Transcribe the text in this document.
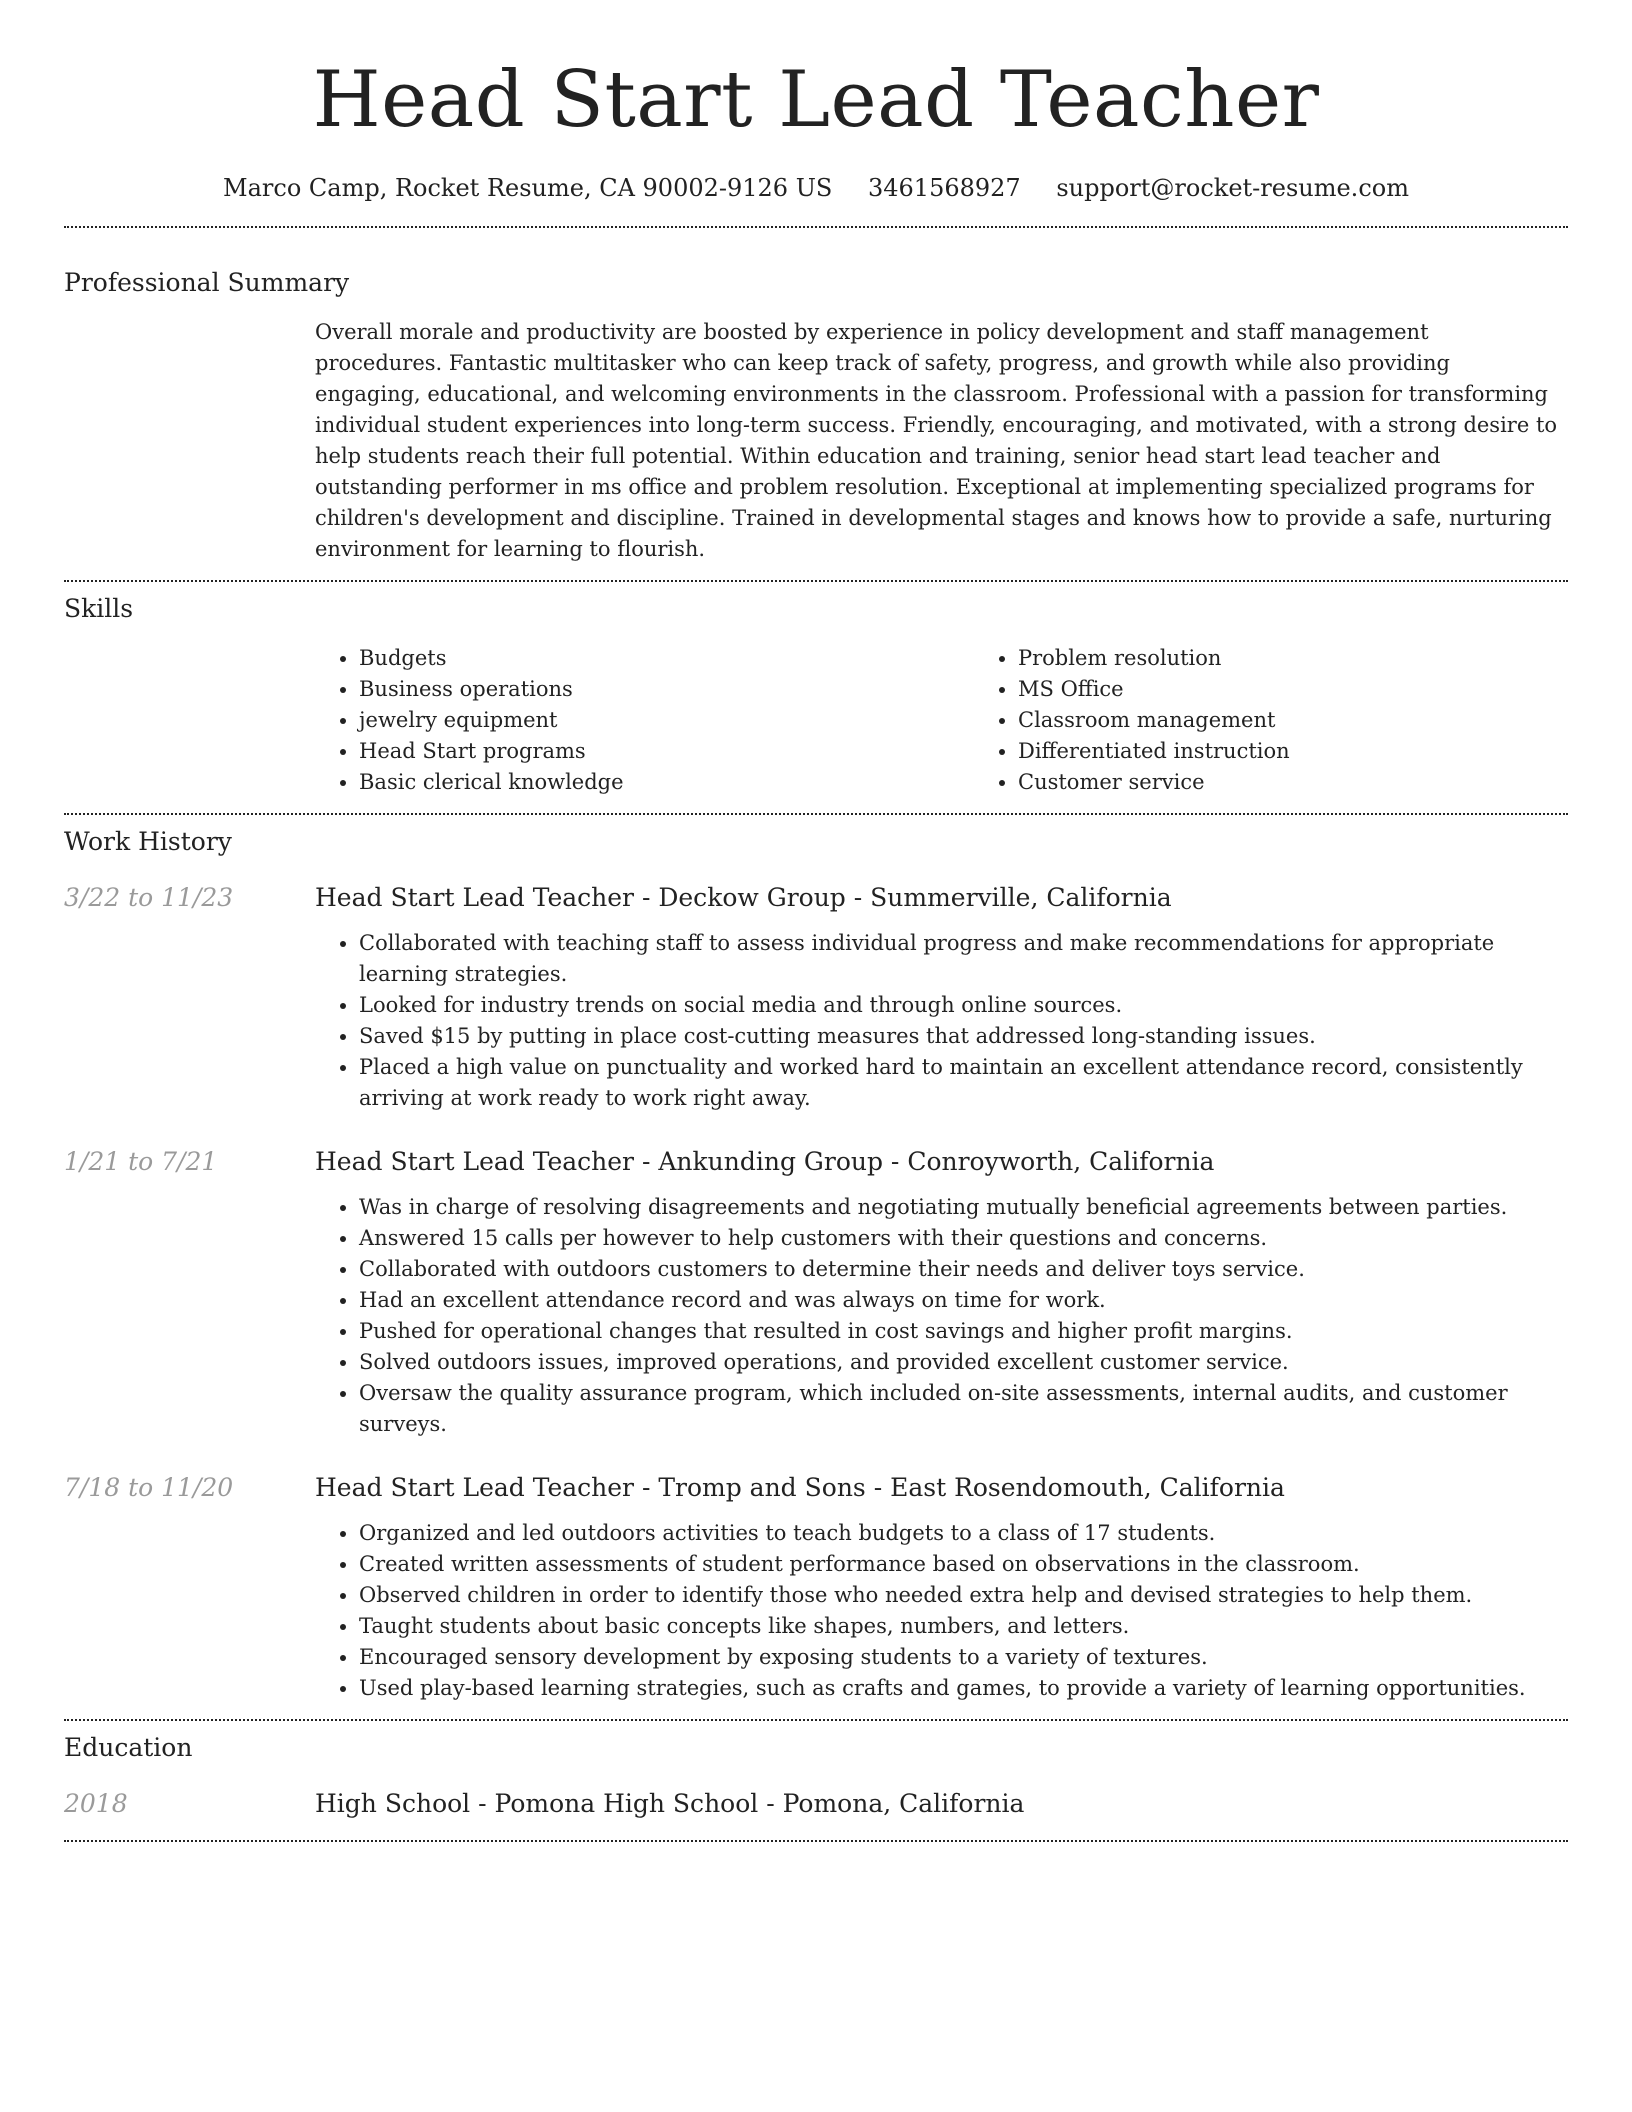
Head Start Lead Teacher
Marco Camp, Rocket Resume, CA 90002-9126 US 3461568927 support@rocket-resume.com
Professional Summary

Overall morale and productivity are boosted by experience in policy development and staff management procedures. Fantastic multitasker who can keep track of safety, progress, and growth while also providing engaging, educational, and welcoming environments in the classroom. Professional with a passion for transforming individual student experiences into long-term success. Friendly, encouraging, and motivated, with a strong desire to help students reach their full potential. Within education and training, senior head start lead teacher and outstanding performer in ms office and problem resolution. Exceptional at implementing specialized programs for children's development and discipline. Trained in developmental stages and knows how to provide a safe, nurturing environment for learning to flourish.

Skills
• Budgets
• Business operations
• jewelry equipment
• Head Start programs
• Basic clerical knowledge
• Problem resolution
• MS Office
• Classroom management
• Differentiated instruction
• Customer service
Work History
3/22 to 11/23	Head Start Lead Teacher - Deckow Group - Summerville, California
• Collaborated with teaching staff to assess individual progress and make recommendations for appropriate learning strategies.
• Looked for industry trends on social media and through online sources.
• Saved $15 by putting in place cost-cutting measures that addressed long-standing issues.
• Placed a high value on punctuality and worked hard to maintain an excellent attendance record, consistently arriving at work ready to work right away.
1/21 to 7/21	Head Start Lead Teacher - Ankunding Group - Conroyworth, California
• Was in charge of resolving disagreements and negotiating mutually beneficial agreements between parties.
• Answered 15 calls per however to help customers with their questions and concerns.
• Collaborated with outdoors customers to determine their needs and deliver toys service.
• Had an excellent attendance record and was always on time for work.
• Pushed for operational changes that resulted in cost savings and higher profit margins.
• Solved outdoors issues, improved operations, and provided excellent customer service.
• Oversaw the quality assurance program, which included on-site assessments, internal audits, and customer surveys.
7/18 to 11/20	Head Start Lead Teacher - Tromp and Sons - East Rosendomouth, California
• Organized and led outdoors activities to teach budgets to a class of 17 students.
• Created written assessments of student performance based on observations in the classroom.
• Observed children in order to identify those who needed extra help and devised strategies to help them.
• Taught students about basic concepts like shapes, numbers, and letters.
• Encouraged sensory development by exposing students to a variety of textures.
• Used play-based learning strategies, such as crafts and games, to provide a variety of learning opportunities.
Education
2018	High School - Pomona High School - Pomona, California
